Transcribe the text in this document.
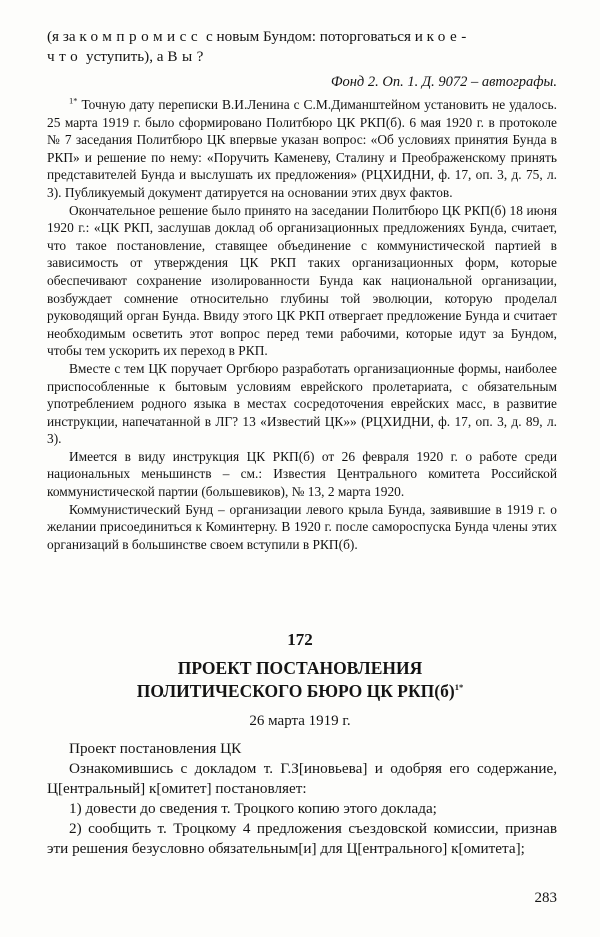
(я за компромисс с новым Бундом: поторговаться и кое-

что уступить), а Вы?

Фонд 2. Оп. 1. Д. 9072 – автографы.

$^{1*}$ Точную дату переписки В.И.Ленина с С.М.Диманштейном установить не удалось. 25 марта 1919 г. было сформировано Политбюро ЦК РКП(б). 6 мая 1920 г. в протоколе № 7 заседания Политбюро ЦК впервые указан вопрос: «Об условиях принятия Бунда в РКП» и решение по нему: «Поручить Каменеву, Сталину и Преображенскому принять представителей Бунда и выслушать их предложения» (РЦХИДНИ, ф. 17, оп. 3, д. 75, л. 3). Публикуемый документ датируется на основании этих двух фактов.

Окончательное решение было принято на заседании Политбюро ЦК РКП(б) 18 июня 1920 г.: «ЦК РКП, заслушав доклад об организационных предложениях Бунда, считает, что такое постановление, ставящее объединение с коммунистической партией в зависимость от утверждения ЦК РКП таких организационных форм, которые обеспечивают сохранение изолированности Бунда как национальной организации, возбуждает сомнение относительно глубины той эволюции, которую проделал руководящий орган Бунда. Ввиду этого ЦК РКП отвергает предложение Бунда и считает необходимым осветить этот вопрос перед теми рабочими, которые идут за Бундом, чтобы тем ускорить их переход в РКП.

Вместе с тем ЦК поручает Оргбюро разработать организационные формы, наиболее приспособленные к бытовым условиям еврейского пролетариата, с обязательным употреблением родного языка в местах сосредоточения еврейских масс, в развитие инструкции, напечатанной в ЛГ? 13 «Известий ЦК»» (РЦХИДНИ, ф. 17, оп. 3, д. 89, л. 3).

Имеется в виду инструкция ЦК РКП(б) от 26 февраля 1920 г. о работе среди национальных меньшинств – см.: Известия Центрального комитета Российской коммунистической партии (большевиков), № 13, 2 марта 1920.

Коммунистический Бунд – организации левого крыла Бунда, заявившие в 1919 г. о желании присоединиться к Коминтерну. В 1920 г. после самороспуска Бунда члены этих организаций в большинстве своем вступили в РКП(б).

172
ПРОЕКТ ПОСТАНОВЛЕНИЯ
ПОЛИТИЧЕСКОГО БЮРО ЦК $РКП(б)^{1*}$
26 марта 1919 г.

Проект постановления ЦК

Ознакомившись с докладом т. Г.З[иновьева] и одобряя его содержание, Ц[ентральный] к[омитет] постановляет:

1) довести до сведения т. Троцкого копию этого доклада;

2) сообщить т. Троцкому 4 предложения съездовской комиссии, признав эти решения безусловно обязательным[и] для Ц[ентрального] к[омитета];

283
